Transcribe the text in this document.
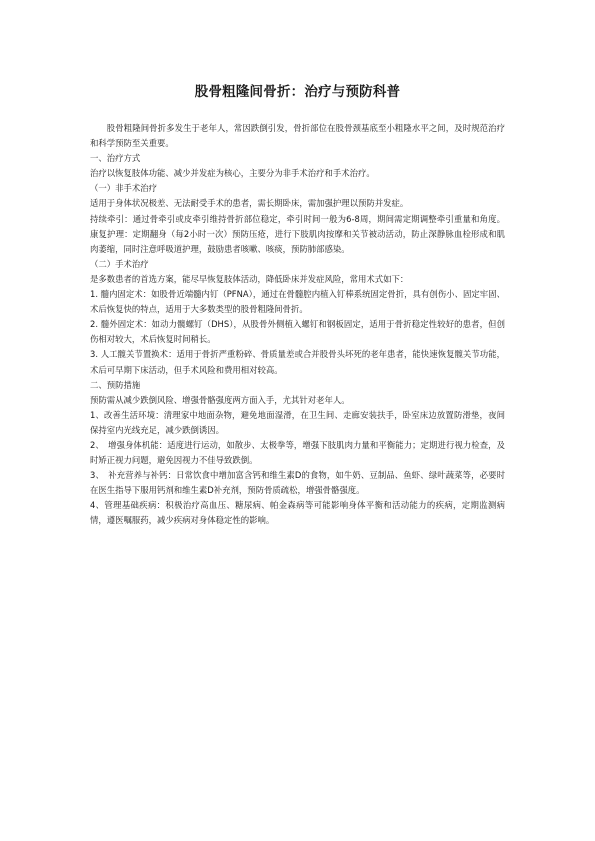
股骨粗隆间骨折：治疗与预防科普

股骨粗隆间骨折多发生于老年人，常因跌倒引发，骨折部位在股骨颈基底至小粗隆水平之间，及时规范治疗和科学预防至关重要。

一、治疗方式

治疗以恢复肢体功能、减少并发症为核心，主要分为非手术治疗和手术治疗。

（一）非手术治疗

适用于身体状况极差、无法耐受手术的患者，需长期卧床，需加强护理以预防并发症。

持续牵引：通过骨牵引或皮牵引维持骨折部位稳定，牵引时间一般为6-8周，期间需定期调整牵引重量和角度。康复护理：定期翻身（每2小时一次）预防压疮，进行下肢肌肉按摩和关节被动活动，防止深静脉血栓形成和肌肉萎缩，同时注意呼吸道护理，鼓励患者咳嗽、咳痰，预防肺部感染。

（二）手术治疗

是多数患者的首选方案，能尽早恢复肢体活动，降低卧床并发症风险，常用术式如下：

1. 髓内固定术：如股骨近端髓内钉（PFNA），通过在骨髓腔内植入钉棒系统固定骨折，具有创伤小、固定牢固、术后恢复快的特点，适用于大多数类型的股骨粗隆间骨折。

2. 髓外固定术：如动力髋螺钉（DHS），从股骨外侧植入螺钉和钢板固定，适用于骨折稳定性较好的患者，但创伤相对较大，术后恢复时间稍长。

3. 人工髋关节置换术：适用于骨折严重粉碎、骨质量差或合并股骨头坏死的老年患者，能快速恢复髋关节功能，术后可早期下床活动，但手术风险和费用相对较高。

二、预防措施

预防需从减少跌倒风险、增强骨骼强度两方面入手，尤其针对老年人。

1、改善生活环境：清理家中地面杂物，避免地面湿滑，在卫生间、走廊安装扶手，卧室床边放置防滑垫，夜间保持室内光线充足，减少跌倒诱因。

2、　增强身体机能：适度进行运动，如散步、太极拳等，增强下肢肌肉力量和平衡能力；定期进行视力检查，及时矫正视力问题，避免因视力不佳导致跌倒。

3、　补充营养与补钙：日常饮食中增加富含钙和维生素D的食物，如牛奶、豆制品、鱼虾、绿叶蔬菜等，必要时在医生指导下服用钙剂和维生素D补充剂，预防骨质疏松，增强骨骼强度。

4、管理基础疾病：积极治疗高血压、糖尿病、帕金森病等可能影响身体平衡和活动能力的疾病，定期监测病情，遵医嘱服药，减少疾病对身体稳定性的影响。
